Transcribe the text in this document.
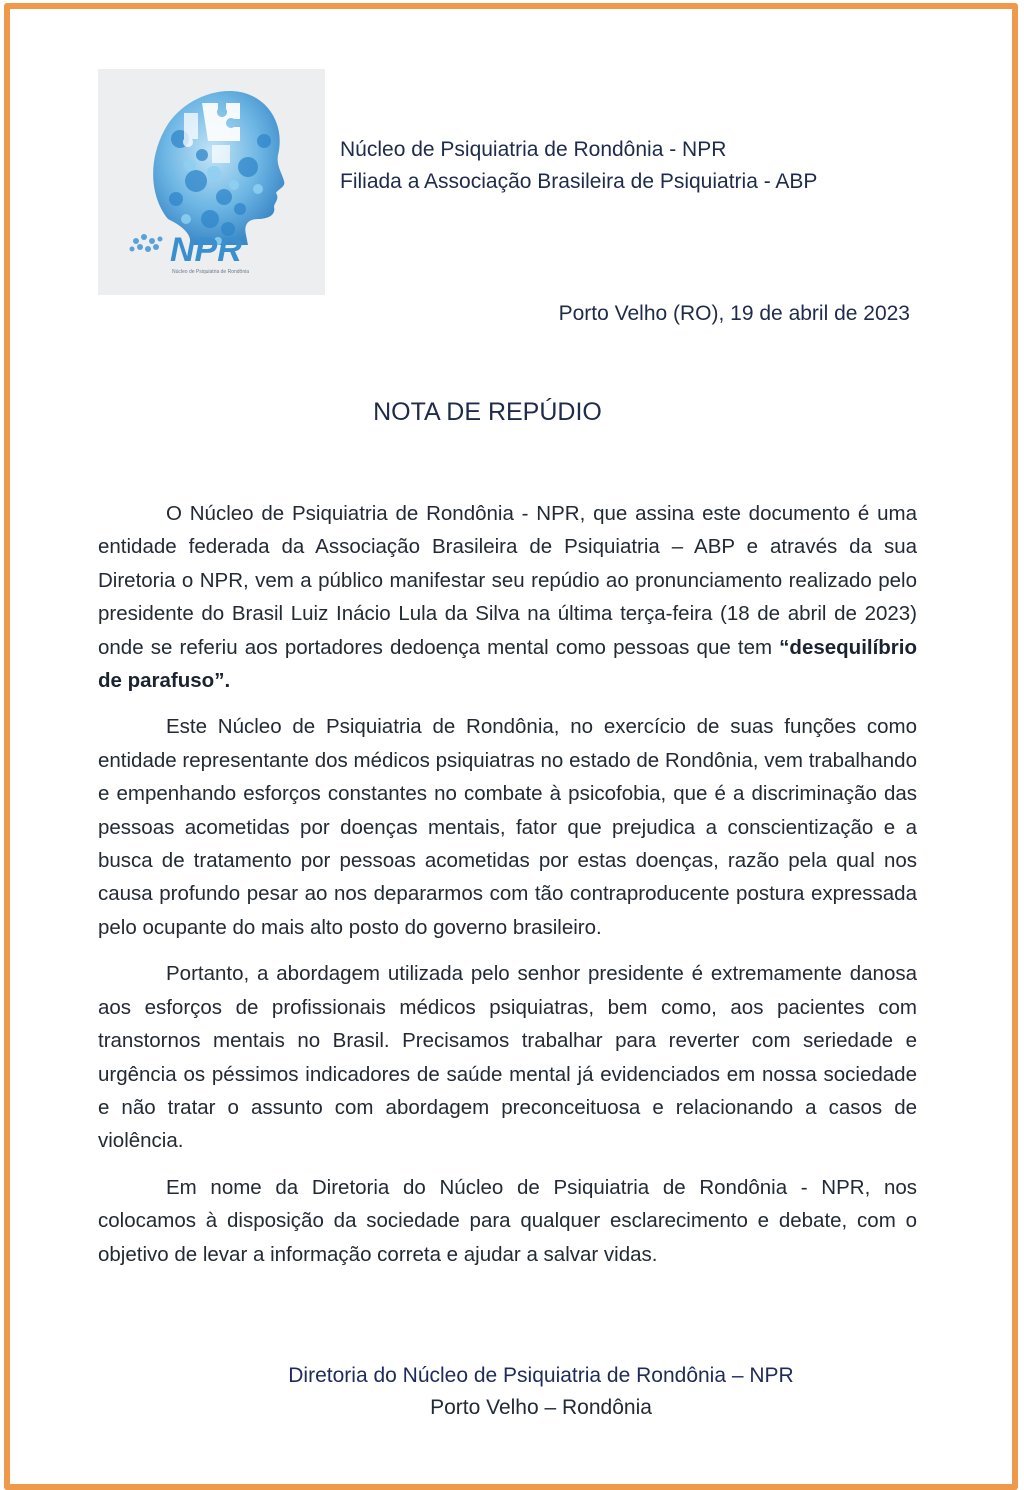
NPR
Núcleo de Psiquiatria de Rondônia
Núcleo de Psiquiatria de Rondônia - NPR
Filiada a Associação Brasileira de Psiquiatria - ABP
Porto Velho (RO), 19 de abril de 2023
NOTA DE REPÚDIO

O Núcleo de Psiquiatria de Rondônia - NPR, que assina este documento é uma entidade federada da Associação Brasileira de Psiquiatria – ABP e através da sua Diretoria o NPR, vem a público manifestar seu repúdio ao pronunciamento realizado pelo presidente do Brasil Luiz Inácio Lula da Silva na última terça-feira (18 de abril de 2023) onde se referiu aos portadores dedoença mental como pessoas que tem “desequilíbrio de parafuso”.

Este Núcleo de Psiquiatria de Rondônia, no exercício de suas funções como entidade representante dos médicos psiquiatras no estado de Rondônia, vem trabalhando e empenhando esforços constantes no combate à psicofobia, que é a discriminação das pessoas acometidas por doenças mentais, fator que prejudica a conscientização e a busca de tratamento por pessoas acometidas por estas doenças, razão pela qual nos causa profundo pesar ao nos depararmos com tão contraproducente postura expressada pelo ocupante do mais alto posto do governo brasileiro.

Portanto, a abordagem utilizada pelo senhor presidente é extremamente danosa aos esforços de profissionais médicos psiquiatras, bem como, aos pacientes com transtornos mentais no Brasil. Precisamos trabalhar para reverter com seriedade e urgência os péssimos indicadores de saúde mental já evidenciados em nossa sociedade e não tratar o assunto com abordagem preconceituosa e relacionando a casos de violência.

Em nome da Diretoria do Núcleo de Psiquiatria de Rondônia - NPR, nos colocamos à disposição da sociedade para qualquer esclarecimento e debate, com o objetivo de levar a informação correta e ajudar a salvar vidas.

Diretoria do Núcleo de Psiquiatria de Rondônia – NPR
Porto Velho – Rondônia
